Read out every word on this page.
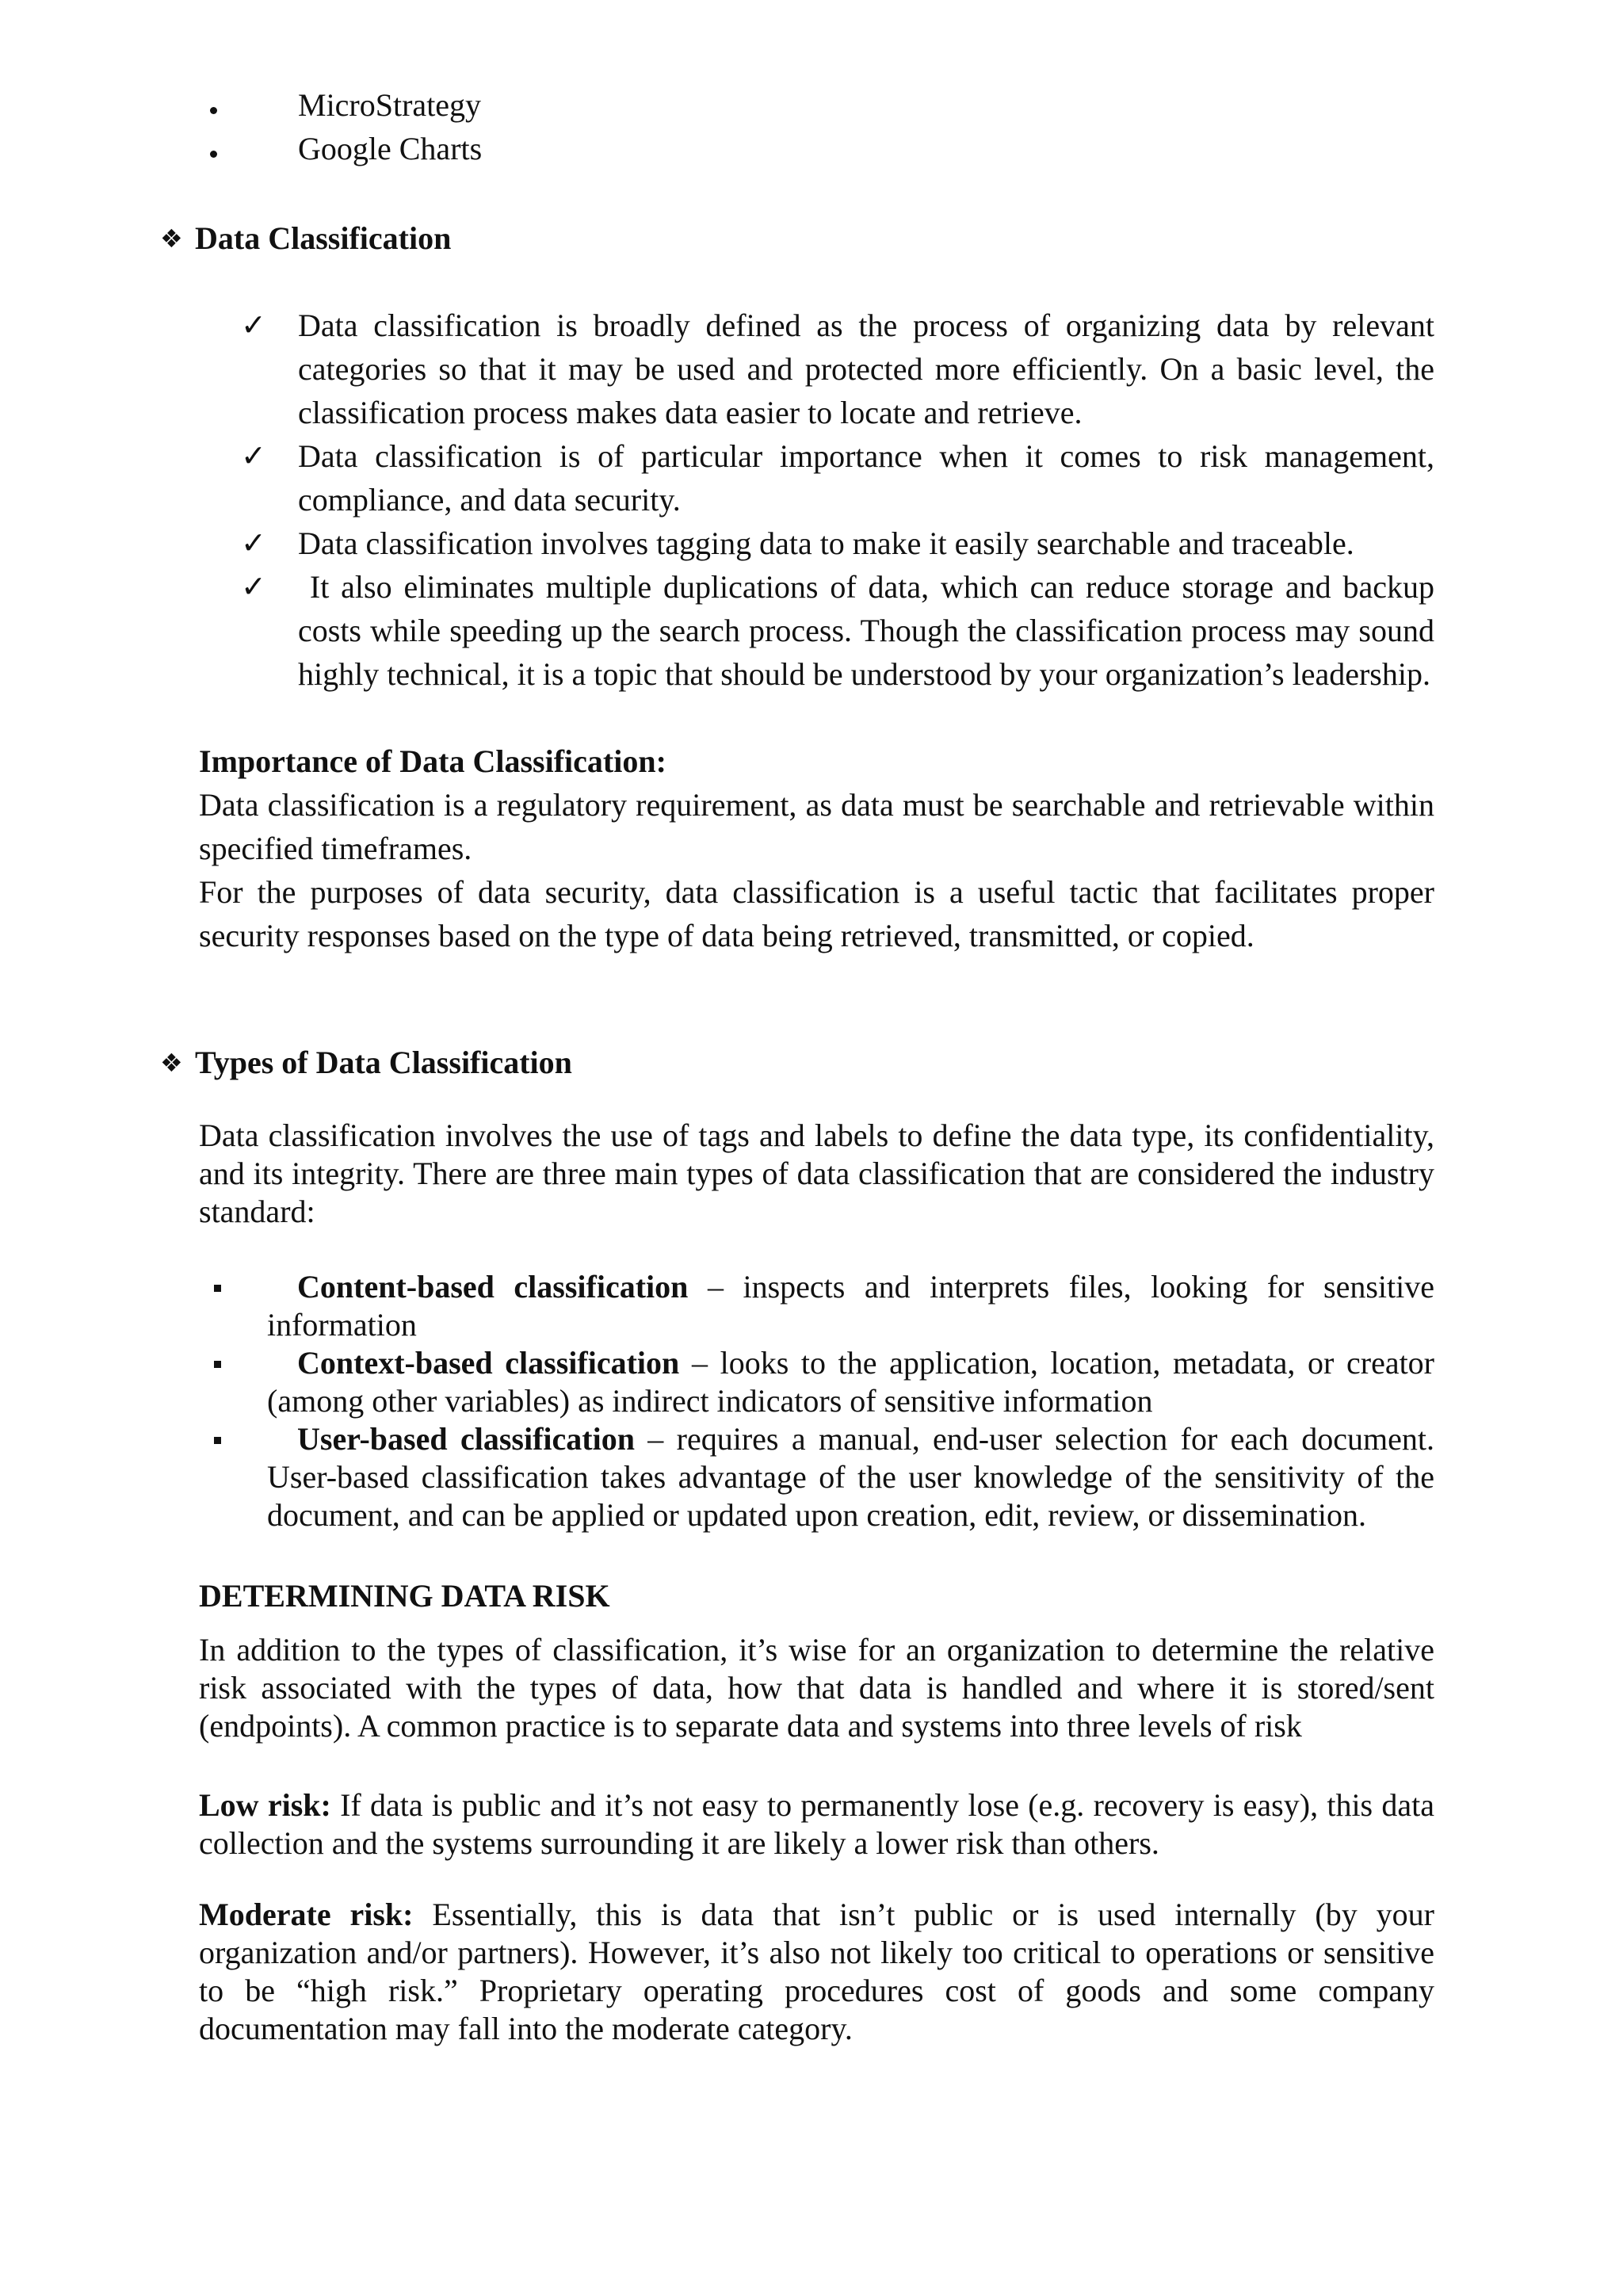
MicroStrategy
Google Charts
❖ Data Classification
✓ Data classification is broadly defined as the process of organizing data by relevant categories so that it may be used and protected more efficiently. On a basic level, the classification process makes data easier to locate and retrieve.
✓ Data classification is of particular importance when it comes to risk management, compliance, and data security.
✓ Data classification involves tagging data to make it easily searchable and traceable.
✓ It also eliminates multiple duplications of data, which can reduce storage and backup costs while speeding up the search process. Though the classification process may sound highly technical, it is a topic that should be understood by your organization’s leadership.
Importance of Data Classification:
Data classification is a regulatory requirement, as data must be searchable and retrievable within specified timeframes.
For the purposes of data security, data classification is a useful tactic that facilitates proper security responses based on the type of data being retrieved, transmitted, or copied.
❖ Types of Data Classification
Data classification involves the use of tags and labels to define the data type, its confidentiality, and its integrity. There are three main types of data classification that are considered the industry standard:
Content-based classification – inspects and interprets files, looking for sensitive information
Context-based classification – looks to the application, location, metadata, or creator (among other variables) as indirect indicators of sensitive information
User-based classification – requires a manual, end-user selection for each document. User-based classification takes advantage of the user knowledge of the sensitivity of the document, and can be applied or updated upon creation, edit, review, or dissemination.
DETERMINING DATA RISK
In addition to the types of classification, it’s wise for an organization to determine the relative risk associated with the types of data, how that data is handled and where it is stored/sent (endpoints). A common practice is to separate data and systems into three levels of risk
Low risk: If data is public and it’s not easy to permanently lose (e.g. recovery is easy), this data collection and the systems surrounding it are likely a lower risk than others.
Moderate risk: Essentially, this is data that isn’t public or is used internally (by your organization and/or partners). However, it’s also not likely too critical to operations or sensitive to be “high risk.” Proprietary operating procedures cost of goods and some company documentation may fall into the moderate category.
